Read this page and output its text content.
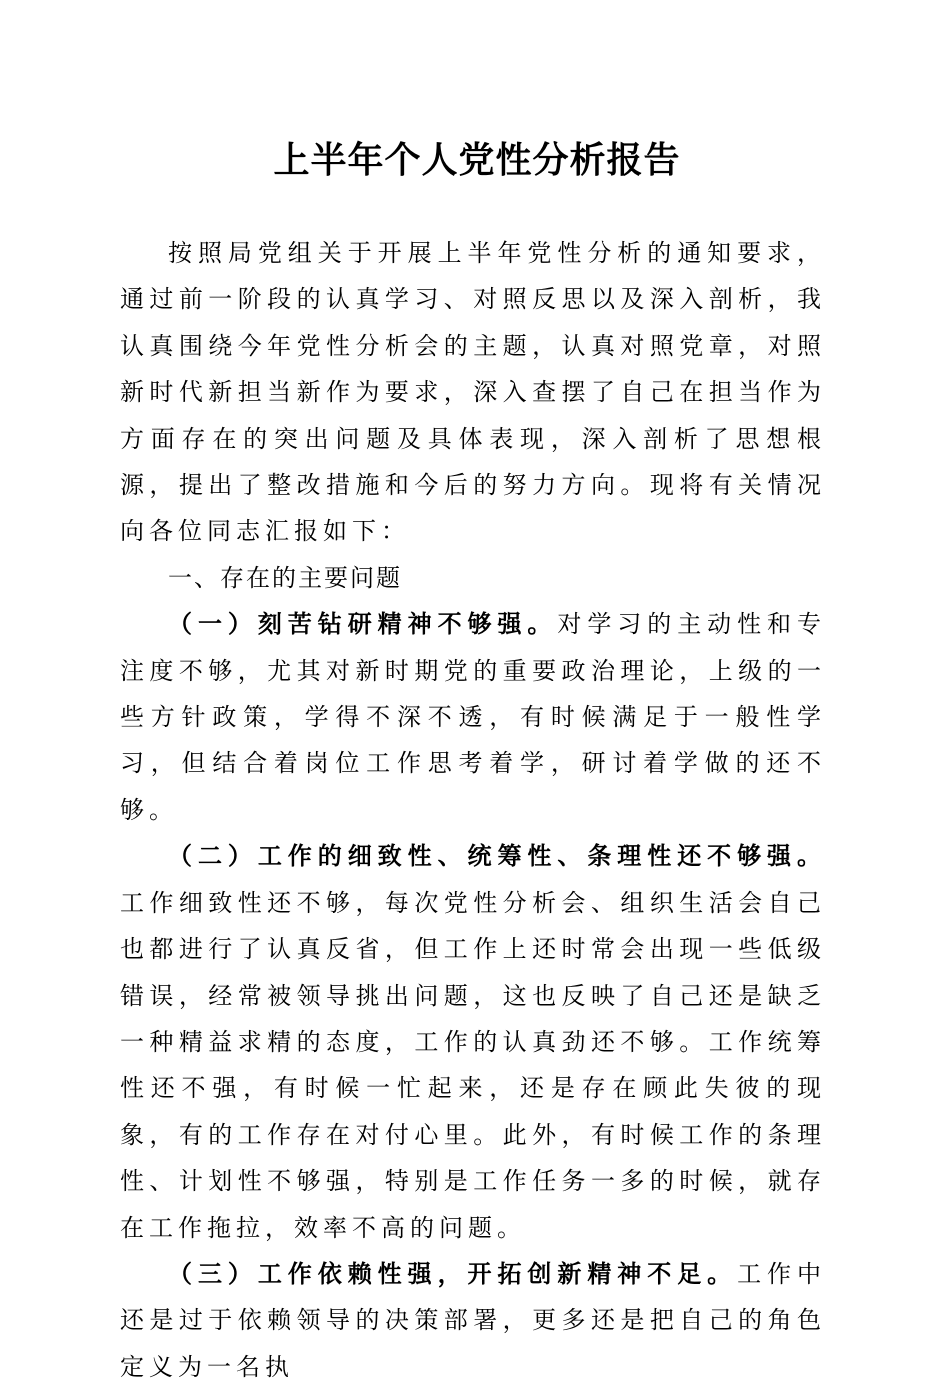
上半年个人党性分析报告

按照局党组关于开展上半年党性分析的通知要求，通过前一阶段的认真学习、对照反思以及深入剖析，我认真围绕今年党性分析会的主题，认真对照党章，对照新时代新担当新作为要求，深入查摆了自己在担当作为方面存在的突出问题及具体表现，深入剖析了思想根源，提出了整改措施和今后的努力方向。现将有关情况向各位同志汇报如下：

一、存在的主要问题

（一）刻苦钻研精神不够强。对学习的主动性和专注度不够，尤其对新时期党的重要政治理论，上级的一些方针政策，学得不深不透，有时候满足于一般性学习，但结合着岗位工作思考着学，研讨着学做的还不够。

（二）工作的细致性、统筹性、条理性还不够强。工作细致性还不够，每次党性分析会、组织生活会自己也都进行了认真反省，但工作上还时常会出现一些低级错误，经常被领导挑出问题，这也反映了自己还是缺乏一种精益求精的态度，工作的认真劲还不够。工作统筹性还不强，有时候一忙起来，还是存在顾此失彼的现象，有的工作存在对付心里。此外，有时候工作的条理性、计划性不够强，特别是工作任务一多的时候，就存在工作拖拉，效率不高的问题。

（三）工作依赖性强，开拓创新精神不足。工作中还是过于依赖领导的决策部署，更多还是把自己的角色定义为一名执
